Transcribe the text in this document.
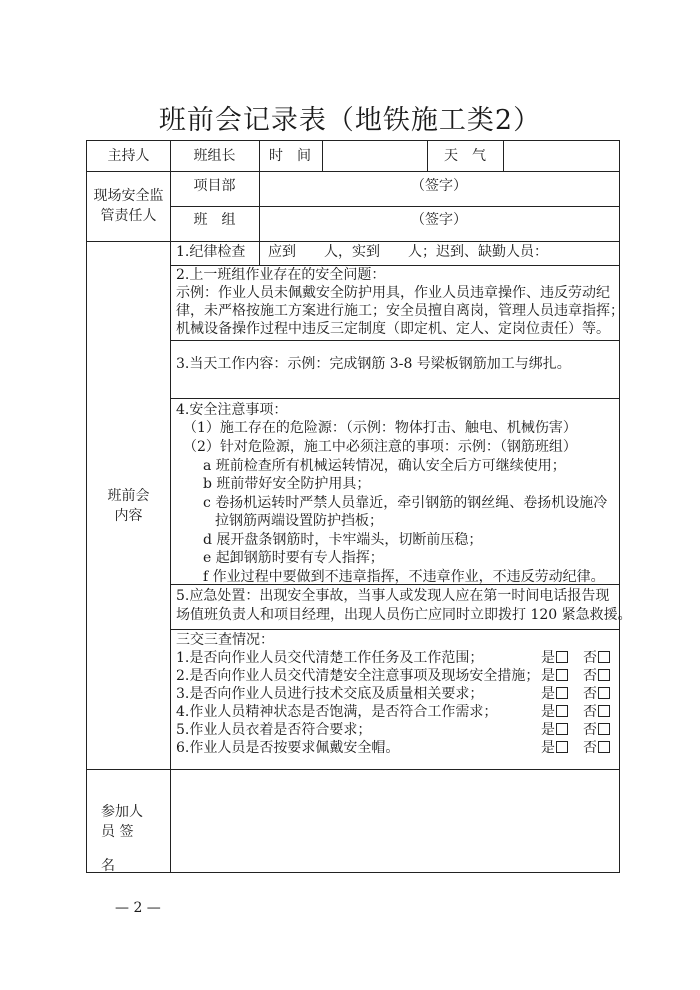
班前会记录表（地铁施工类2）
主持人	班组长	时　间	天　气
现场安全监
管责任人
项目部	（签字）
班　组	（签字）
班前会
内容
1.纪律检查 应到　　人，实到　　人；迟到、缺勤人员：
2.上一班组作业存在的安全问题：
示例：作业人员未佩戴安全防护用具，作业人员违章操作、违反劳动纪
律，未严格按施工方案进行施工；安全员擅自离岗，管理人员违章指挥；
机械设备操作过程中违反三定制度（即定机、定人、定岗位责任）等。
3.当天工作内容：示例：完成钢筋 3-8 号梁板钢筋加工与绑扎。
4.安全注意事项：
（1）施工存在的危险源：（示例：物体打击、触电、机械伤害）
（2）针对危险源，施工中必须注意的事项：示例：（钢筋班组）
a 班前检查所有机械运转情况，确认安全后方可继续使用；
b 班前带好安全防护用具；
c 卷扬机运转时严禁人员靠近，牵引钢筋的钢丝绳、卷扬机设施冷
拉钢筋两端设置防护挡板；
d 展开盘条钢筋时，卡牢端头，切断前压稳；
e 起卸钢筋时要有专人指挥；
f 作业过程中要做到不违章指挥，不违章作业，不违反劳动纪律。
5.应急处置：出现安全事故，当事人或发现人应在第一时间电话报告现
场值班负责人和项目经理，出现人员伤亡应同时立即拨打 120 紧急救援。
三交三查情况：
1.是否向作业人员交代清楚工作任务及工作范围；	是	否
2.是否向作业人员交代清楚安全注意事项及现场安全措施； 是	否
3.是否向作业人员进行技术交底及质量相关要求；	是	否
4.作业人员精神状态是否饱满，是否符合工作需求；	是	否
5.作业人员衣着是否符合要求；	是	否
6.作业人员是否按要求佩戴安全帽。	是	否
参加人
员 签
名
— 2 —
